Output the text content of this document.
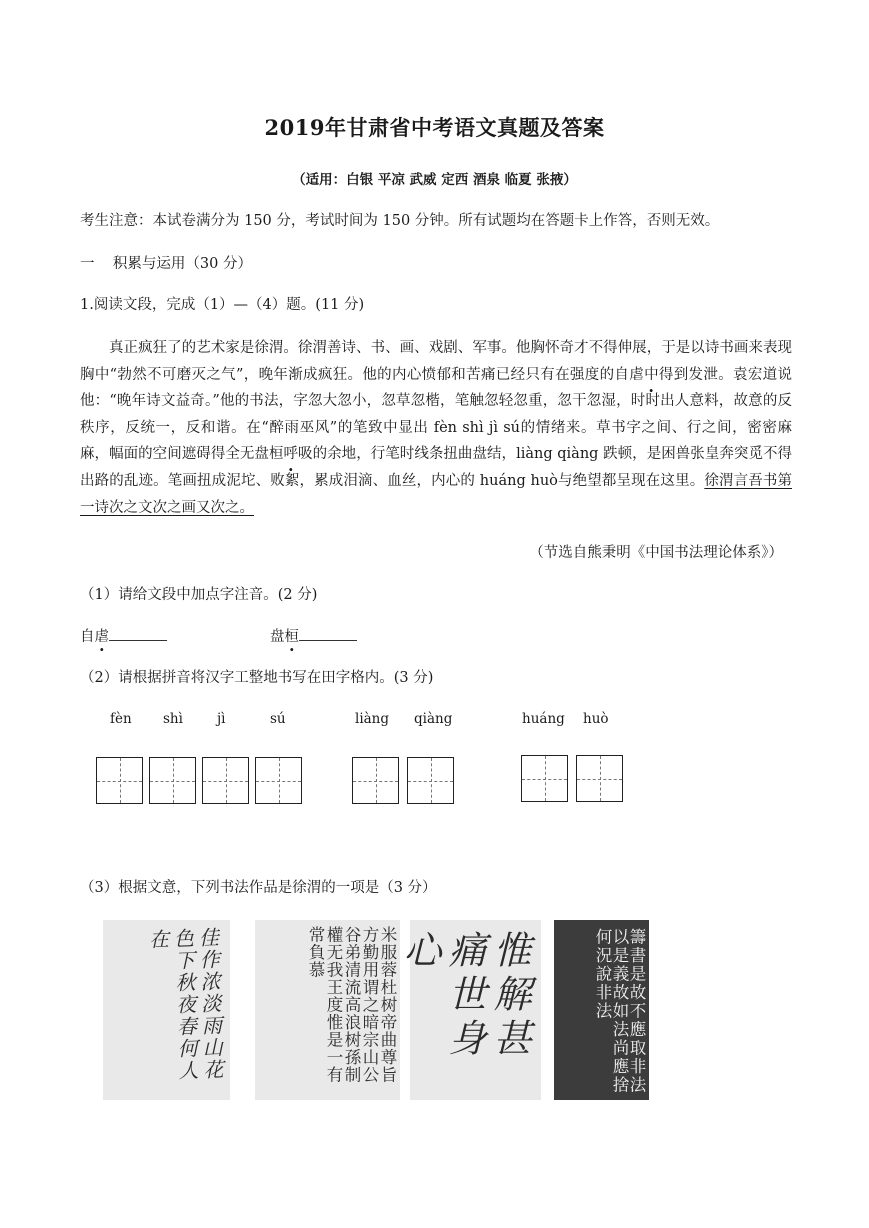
2019年甘肃省中考语文真题及答案
（适用：白银 平凉 武威 定西 酒泉 临夏 张掖）
考生注意：本试卷满分为 150 分，考试时间为 150 分钟。所有试题均在答题卡上作答，否则无效。
一    积累与运用（30 分）
1.阅读文段，完成（1）—（4）题。(11 分)

真正疯狂了的艺术家是徐渭。徐渭善诗、书、画、戏剧、军事。他胸怀奇才不得伸展，于是以诗书画来表现胸中“勃然不可磨灭之气”，晚年渐成疯狂。他的内心愤郁和苦痛已经只有在强度的自虐中得到发泄。袁宏道说他：“晚年诗文益奇。”他的书法，字忽大忽小，忽草忽楷，笔触忽轻忽重，忽干忽湿，时时出人意料，故意的反秩序，反统一，反和谐。在“醉雨巫风”的笔致中显出 fèn shì jì sú的情绪来。草书字之间、行之间，密密麻麻，幅面的空间遮碍得全无盘桓呼吸的余地，行笔时线条扭曲盘结，liàng qiàng 跌顿，是困兽张皇奔突觅不得出路的乱迹。笔画扭成泥坨、败絮，累成泪滴、血丝，内心的 huáng huò与绝望都呈现在这里。徐渭言吾书第一诗次之文次之画又次之。

（节选自熊秉明《中国书法理论体系》）
（1）请给文段中加点字注音。(2 分)
自虐	盘桓
（2）请根据拼音将汉字工整地书写在田字格内。(3 分)
fèn shì	jì	sú	liàng qiàng	huáng huò
（3）根据文意，下列书法作品是徐渭的一项是（3 分）
佳作浓淡雨山花色下秋夜春何人在	米服蓉杜树帝曲尊旨方勤用谓之暗宗山公谷弟清流高浪树孫制權无我王度惟是一有常負慕	惟解甚痛世身心	籌書是故不應取非法以是義故如法尚應捨何況說非法
